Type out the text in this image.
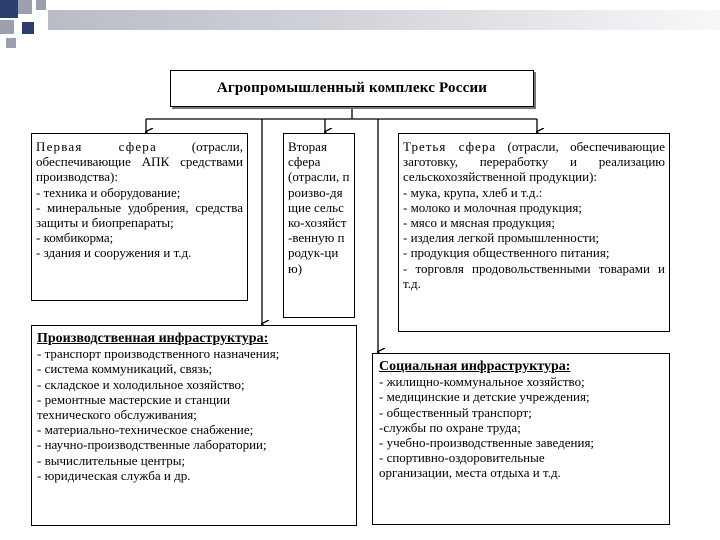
Агропромышленный комплекс России

Первая сфера (отрасли, обеспечивающие АПК средствами производства):

- техника и оборудование;

- минеральные удобрения, средства защиты и биопрепараты;

- комбикорма;

- здания и сооружения и т.д.

Вторая сфера

(отрасли, произво-дящие сельско-хозяйст-венную продук-цию)

Третья сфера (отрасли, обеспечивающие заготовку, переработку и реализацию сельскохозяйственной продукции):

- мука, крупа, хлеб и т.д.:

- молоко и молочная продукция;

- мясо и мясная продукция;

- изделия легкой промышленности;

- продукция общественного питания;

- торговля продовольственными товарами и т.д.

Производственная инфраструктура:

- транспорт производственного назначения;

- система коммуникаций, связь;

- складское и холодильное хозяйство;

- ремонтные мастерские и станции технического обслуживания;

- материально-техническое снабжение;

- научно-производственные лаборатории;

- вычислительные центры;

- юридическая служба и др.

Социальная инфраструктура:

- жилищно-коммунальное хозяйство;

- медицинские и детские учреждения;

- общественный транспорт;

-службы по охране труда;

- учебно-производственные заведения;

- спортивно-оздоровительные организации, места отдыха и т.д.
